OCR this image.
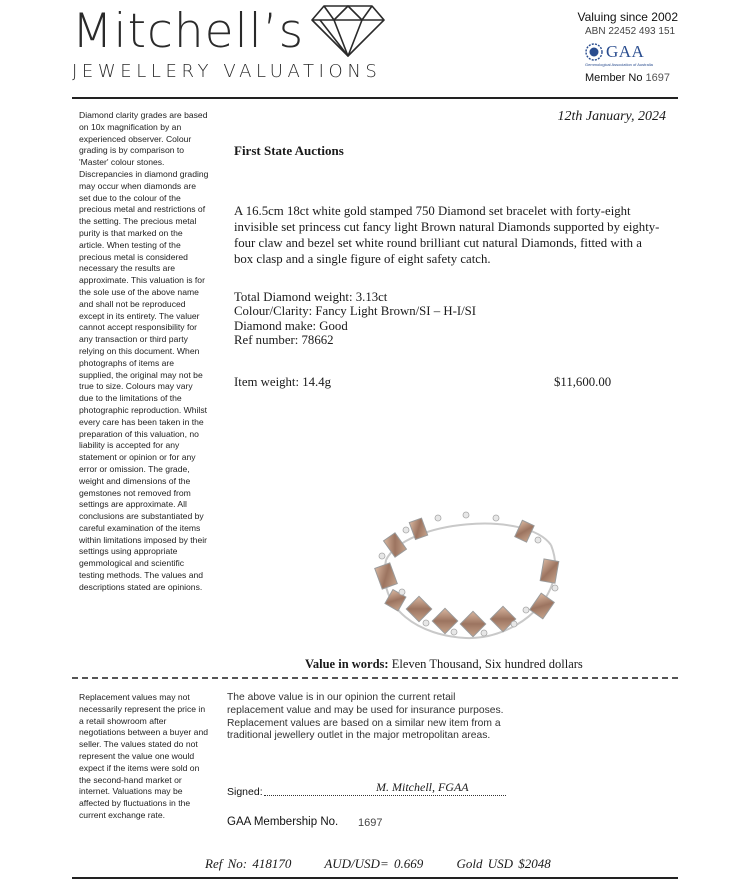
Mitchell’s
JEWELLERY VALUATIONS
Valuing since 2002
ABN 22452 493 151
GAA
Gemmological Association of Australia
Member No 1697
Diamond clarity grades are based on 10x magnification by an experienced observer. Colour grading is by comparison to 'Master' colour stones. Discrepancies in diamond grading may occur when diamonds are set due to the colour of the precious metal and restrictions of the setting. The precious metal purity is that marked on the article. When testing of the precious metal is considered necessary the results are approximate. This valuation is for the sole use of the above name and shall not be reproduced except in its entirety. The valuer cannot accept responsibility for any transaction or third party relying on this document. When photographs of items are supplied, the original may not be true to size. Colours may vary due to the limitations of the photographic reproduction. Whilst every care has been taken in the preparation of this valuation, no liability is accepted for any statement or opinion or for any error or omission. The grade, weight and dimensions of the gemstones not removed from settings are approximate. All conclusions are substantiated by careful examination of the items within limitations imposed by their settings using appropriate gemmological and scientific testing methods. The values and descriptions stated are opinions.
Replacement values may not necessarily represent the price in a retail showroom after negotiations between a buyer and seller. The values stated do not represent the value one would expect if the items were sold on the second-hand market or internet. Valuations may be affected by fluctuations in the current exchange rate.
12th January, 2024
First State Auctions
A 16.5cm 18ct white gold stamped 750 Diamond set bracelet with forty-eight invisible set princess cut fancy light Brown natural Diamonds supported by eighty-four claw and bezel set white round brilliant cut natural Diamonds, fitted with a box clasp and a single figure of eight safety catch.
Total Diamond weight: 3.13ct
Colour/Clarity: Fancy Light Brown/SI – H-I/SI
Diamond make: Good
Ref number: 78662
Item weight: 14.4g	$11,600.00
Value in words: Eleven Thousand, Six hundred dollars
The above value is in our opinion the current retail replacement value and may be used for insurance purposes. Replacement values are based on a similar new item from a traditional jewellery outlet in the major metropolitan areas.
Signed:	M. Mitchell, FGAA
GAA Membership No. 1697
Ref No: 418170	AUD/USD= 0.669	Gold USD $2048
